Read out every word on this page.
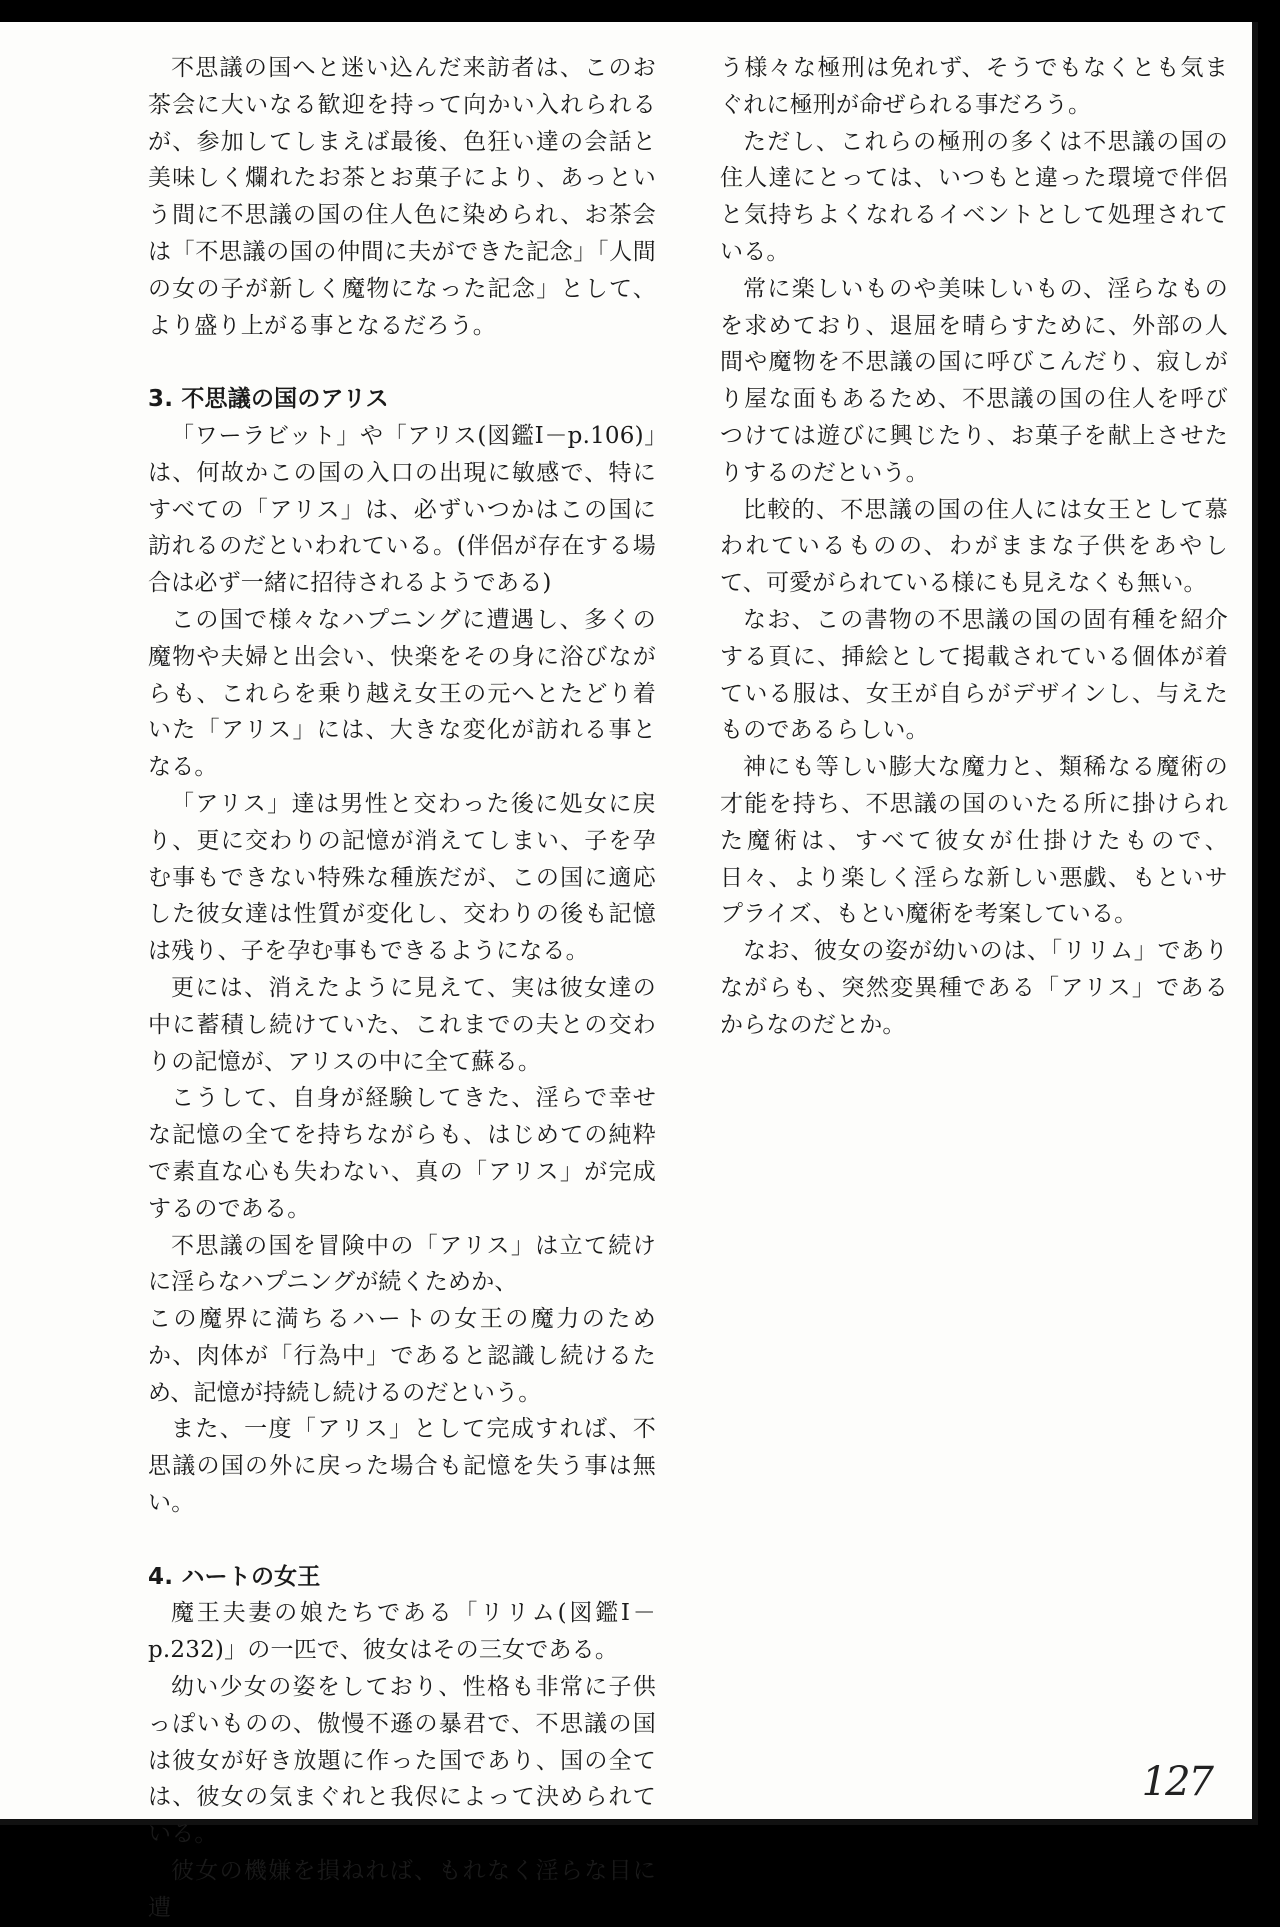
不思議の国へと迷い込んだ来訪者は、このお茶会に大いなる歓迎を持って向かい入れられるが、参加してしまえば最後、色狂い達の会話と美味しく爛れたお茶とお菓子により、あっという間に不思議の国の住人色に染められ、お茶会は「不思議の国の仲間に夫ができた記念」「人間の女の子が新しく魔物になった記念」として、より盛り上がる事となるだろう。

3. 不思議の国のアリス

「ワーラビット」や「アリス(図鑑Ⅰ－p.106)」は、何故かこの国の入口の出現に敏感で、特にすべての「アリス」は、必ずいつかはこの国に訪れるのだといわれている。(伴侶が存在する場合は必ず一緒に招待されるようである)

この国で様々なハプニングに遭遇し、多くの魔物や夫婦と出会い、快楽をその身に浴びながらも、これらを乗り越え女王の元へとたどり着いた「アリス」には、大きな変化が訪れる事となる。

「アリス」達は男性と交わった後に処女に戻り、更に交わりの記憶が消えてしまい、子を孕む事もできない特殊な種族だが、この国に適応した彼女達は性質が変化し、交わりの後も記憶は残り、子を孕む事もできるようになる。

更には、消えたように見えて、実は彼女達の中に蓄積し続けていた、これまでの夫との交わりの記憶が、アリスの中に全て蘇る。

こうして、自身が経験してきた、淫らで幸せな記憶の全てを持ちながらも、はじめての純粋で素直な心も失わない、真の「アリス」が完成するのである。

不思議の国を冒険中の「アリス」は立て続けに淫らなハプニングが続くためか、

この魔界に満ちるハートの女王の魔力のためか、肉体が「行為中」であると認識し続けるため、記憶が持続し続けるのだという。

また、一度「アリス」として完成すれば、不思議の国の外に戻った場合も記憶を失う事は無い。

4. ハートの女王

魔王夫妻の娘たちである「リリム(図鑑Ⅰ－p.232)」の一匹で、彼女はその三女である。

幼い少女の姿をしており、性格も非常に子供っぽいものの、傲慢不遜の暴君で、不思議の国は彼女が好き放題に作った国であり、国の全ては、彼女の気まぐれと我侭によって決められている。

彼女の機嫌を損ねれば、もれなく淫らな目に遭

う様々な極刑は免れず、そうでもなくとも気まぐれに極刑が命ぜられる事だろう。

ただし、これらの極刑の多くは不思議の国の住人達にとっては、いつもと違った環境で伴侶と気持ちよくなれるイベントとして処理されている。

常に楽しいものや美味しいもの、淫らなものを求めており、退屈を晴らすために、外部の人間や魔物を不思議の国に呼びこんだり、寂しがり屋な面もあるため、不思議の国の住人を呼びつけては遊びに興じたり、お菓子を献上させたりするのだという。

比較的、不思議の国の住人には女王として慕われているものの、わがままな子供をあやして、可愛がられている様にも見えなくも無い。

なお、この書物の不思議の国の固有種を紹介する頁に、挿絵として掲載されている個体が着ている服は、女王が自らがデザインし、与えたものであるらしい。

神にも等しい膨大な魔力と、類稀なる魔術の才能を持ち、不思議の国のいたる所に掛けられた魔術は、すべて彼女が仕掛けたもので、日々、より楽しく淫らな新しい悪戯、もといサプライズ、もとい魔術を考案している。

なお、彼女の姿が幼いのは、「リリム」でありながらも、突然変異種である「アリス」であるからなのだとか。

127
